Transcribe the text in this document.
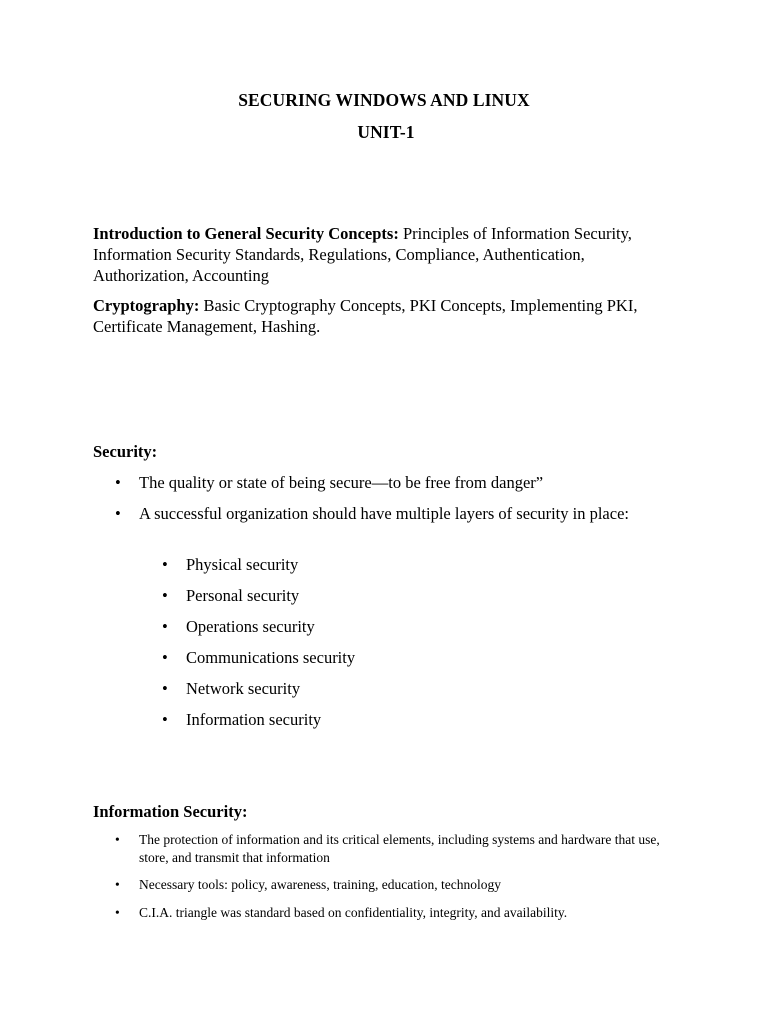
SECURING WINDOWS AND LINUX
UNIT-1
Introduction to General Security Concepts: Principles of Information Security, Information Security Standards, Regulations, Compliance, Authentication, Authorization, Accounting
Cryptography: Basic Cryptography Concepts, PKI Concepts, Implementing PKI, Certificate Management, Hashing.
Security:
•	The quality or state of being secure—to be free from danger”
•	A successful organization should have multiple layers of security in place:
•	Physical security
•	Personal security
•	Operations security
•	Communications security
•	Network security
•	Information security
Information Security:
•	The protection of information and its critical elements, including systems and hardware that use, store, and transmit that information
•	Necessary tools: policy, awareness, training, education, technology
•	C.I.A. triangle was standard based on confidentiality, integrity, and availability.
